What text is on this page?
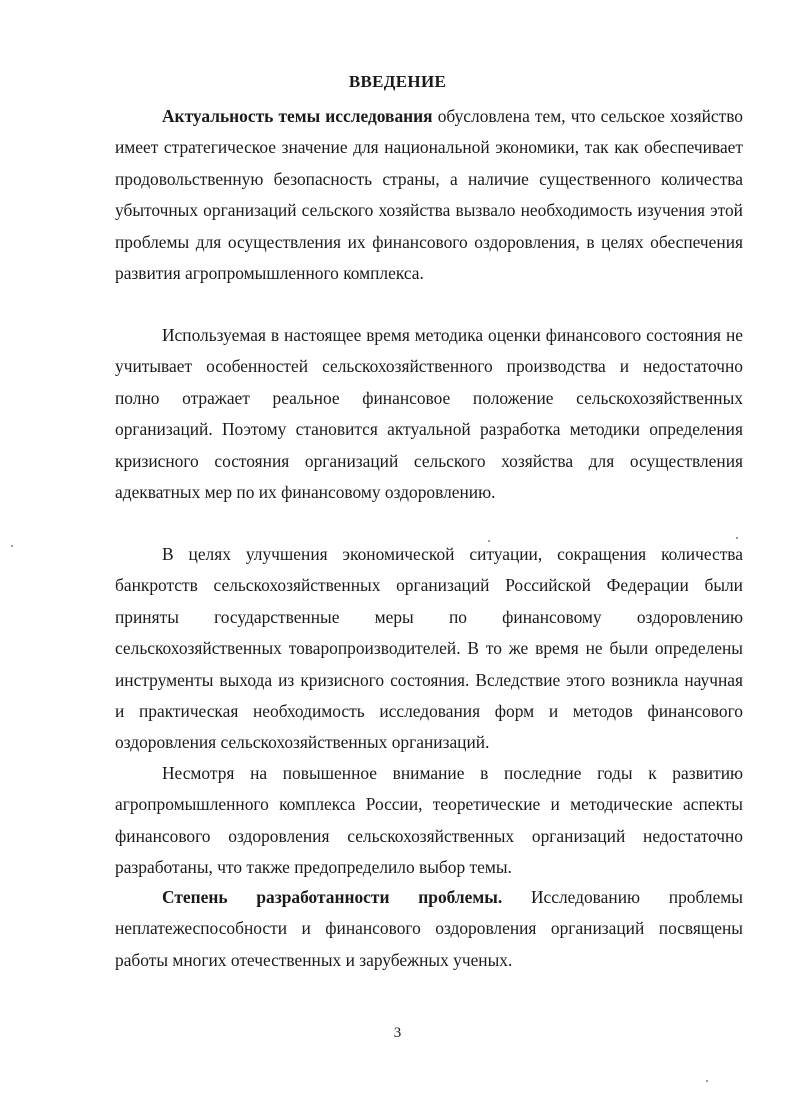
ВВЕДЕНИЕ

Актуальность темы исследования обусловлена тем, что сельское хозяйство имеет стратегическое значение для национальной экономики, так как обеспечивает продовольственную безопасность страны, а наличие существенного количества убыточных организаций сельского хозяйства вызвало необходимость изучения этой проблемы для осуществления их финансового оздоровления, в целях обеспечения развития агропромышленного комплекса.

Используемая в настоящее время методика оценки финансового состояния не учитывает особенностей сельскохозяйственного производства и недостаточно полно отражает реальное финансовое положение сельскохозяйственных организаций. Поэтому становится актуальной разработка методики определения кризисного состояния организаций сельского хозяйства для осуществления адекватных мер по их финансовому оздоровлению.

В целях улучшения экономической ситуации, сокращения количества банкротств сельскохозяйственных организаций Российской Федерации были приняты государственные меры по финансовому оздоровлению сельскохозяйственных товаропроизводителей. В то же время не были определены инструменты выхода из кризисного состояния. Вследствие этого возникла научная и практическая необходимость исследования форм и методов финансового оздоровления сельскохозяйственных организаций.

Несмотря на повышенное внимание в последние годы к развитию агропромышленного комплекса России, теоретические и методические аспекты финансового оздоровления сельскохозяйственных организаций недостаточно разработаны, что также предопределило выбор темы.

Степень разработанности проблемы. Исследованию проблемы неплатежеспособности и финансового оздоровления организаций посвящены работы многих отечественных и зарубежных ученых.

3
